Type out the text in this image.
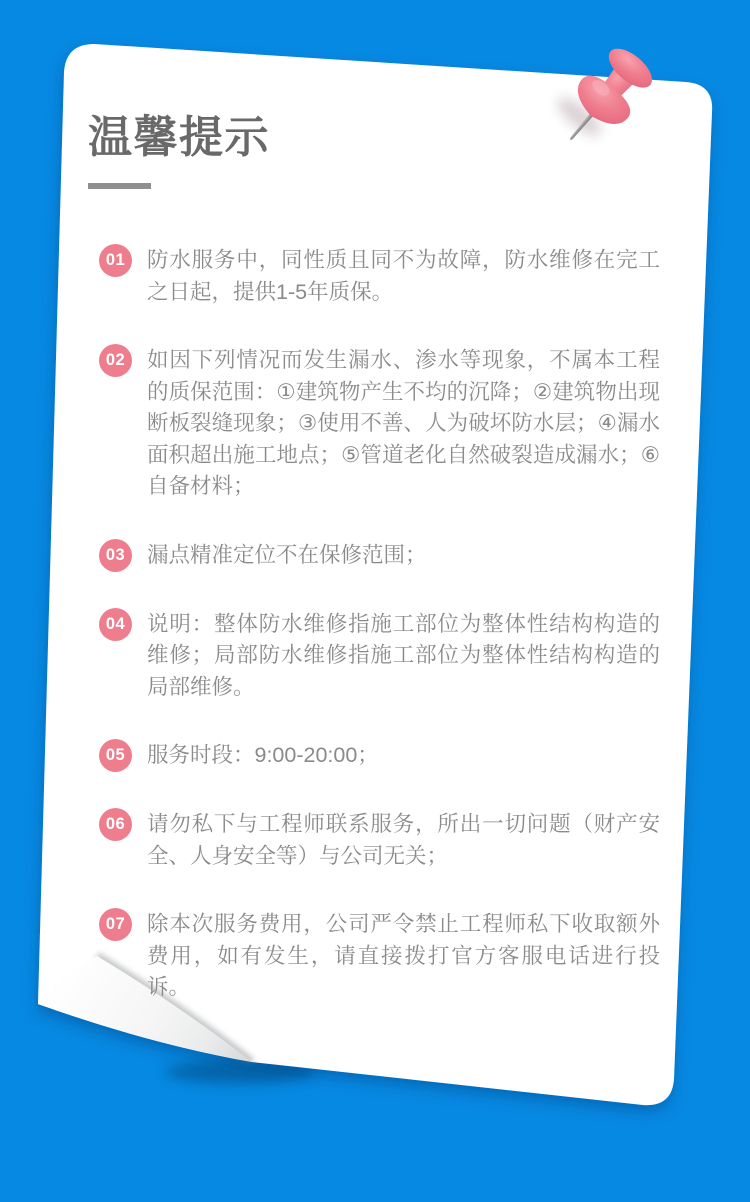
温馨提示
01	防水服务中，同性质且同不为故障，防水维修在完工之日起，提供1-5年质保。
02	如因下列情况而发生漏水、渗水等现象，不属本工程的质保范围：①建筑物产生不均的沉降；②建筑物出现断板裂缝现象；③使用不善、人为破坏防水层；④漏水面积超出施工地点；⑤管道老化自然破裂造成漏水；⑥自备材料；
03	漏点精准定位不在保修范围；
04	说明：整体防水维修指施工部位为整体性结构构造的维修；局部防水维修指施工部位为整体性结构构造的局部维修。
05	服务时段：9:00-20:00；
06	请勿私下与工程师联系服务，所出一切问题（财产安全、人身安全等）与公司无关；
07	除本次服务费用，公司严令禁止工程师私下收取额外费用，如有发生，请直接拨打官方客服电话进行投诉。
